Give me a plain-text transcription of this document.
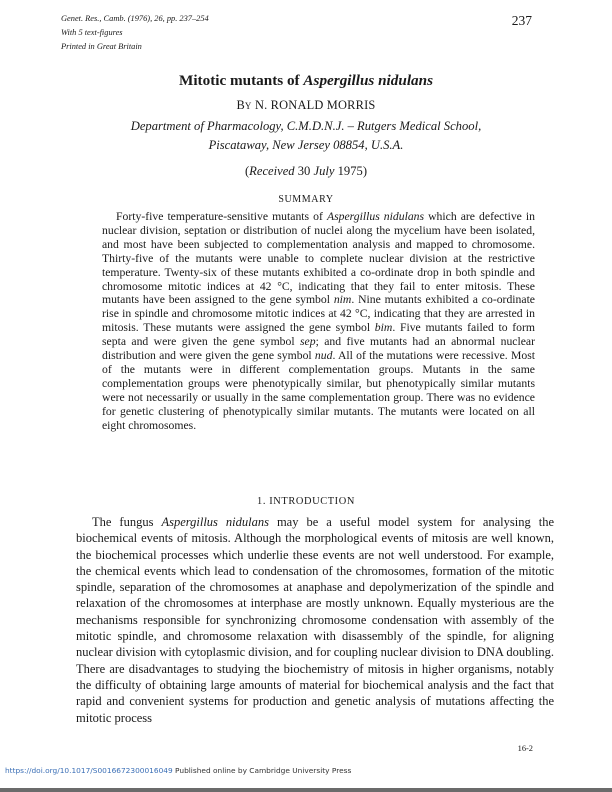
Genet. Res., Camb. (1976), 26, pp. 237–254
With 5 text-figures
Printed in Great Britain
237
Mitotic mutants of Aspergillus nidulans
By N. RONALD MORRIS
Department of Pharmacology, C.M.D.N.J. – Rutgers Medical School,
Piscataway, New Jersey 08854, U.S.A.
(Received 30 July 1975)
SUMMARY

Forty-five temperature-sensitive mutants of Aspergillus nidulans which are defective in nuclear division, septation or distribution of nuclei along the mycelium have been isolated, and most have been subjected to complementation analysis and mapped to chromosome. Thirty-five of the mutants were unable to complete nuclear division at the restrictive temperature. Twenty-six of these mutants exhibited a co-ordinate drop in both spindle and chromosome mitotic indices at 42 °C, indicating that they fail to enter mitosis. These mutants have been assigned to the gene symbol nim. Nine mutants exhibited a co-ordinate rise in spindle and chromosome mitotic indices at 42 °C, indicating that they are arrested in mitosis. These mutants were assigned the gene symbol bim. Five mutants failed to form septa and were given the gene symbol sep; and five mutants had an abnormal nuclear distribution and were given the gene symbol nud. All of the mutations were recessive. Most of the mutants were in different complementation groups. Mutants in the same complementation groups were phenotypically similar, but phenotypically similar mutants were not necessarily or usually in the same complementation group. There was no evidence for genetic clustering of phenotypically similar mutants. The mutants were located on all eight chromosomes.

1. INTRODUCTION

The fungus Aspergillus nidulans may be a useful model system for analysing the biochemical events of mitosis. Although the morphological events of mitosis are well known, the biochemical processes which underlie these events are not well understood. For example, the chemical events which lead to condensation of the chromosomes, formation of the mitotic spindle, separation of the chromosomes at anaphase and depolymerization of the spindle and relaxation of the chromosomes at interphase are mostly unknown. Equally mysterious are the mechanisms responsible for synchronizing chromosome condensation with assembly of the mitotic spindle, and chromosome relaxation with disassembly of the spindle, for aligning nuclear division with cytoplasmic division, and for coupling nuclear division to DNA doubling. There are disadvantages to studying the biochemistry of mitosis in higher organisms, notably the difficulty of obtaining large amounts of material for biochemical analysis and the fact that rapid and convenient systems for production and genetic analysis of mutations affecting the mitotic process

16-2
https://doi.org/10.1017/S0016672300016049 Published online by Cambridge University Press
